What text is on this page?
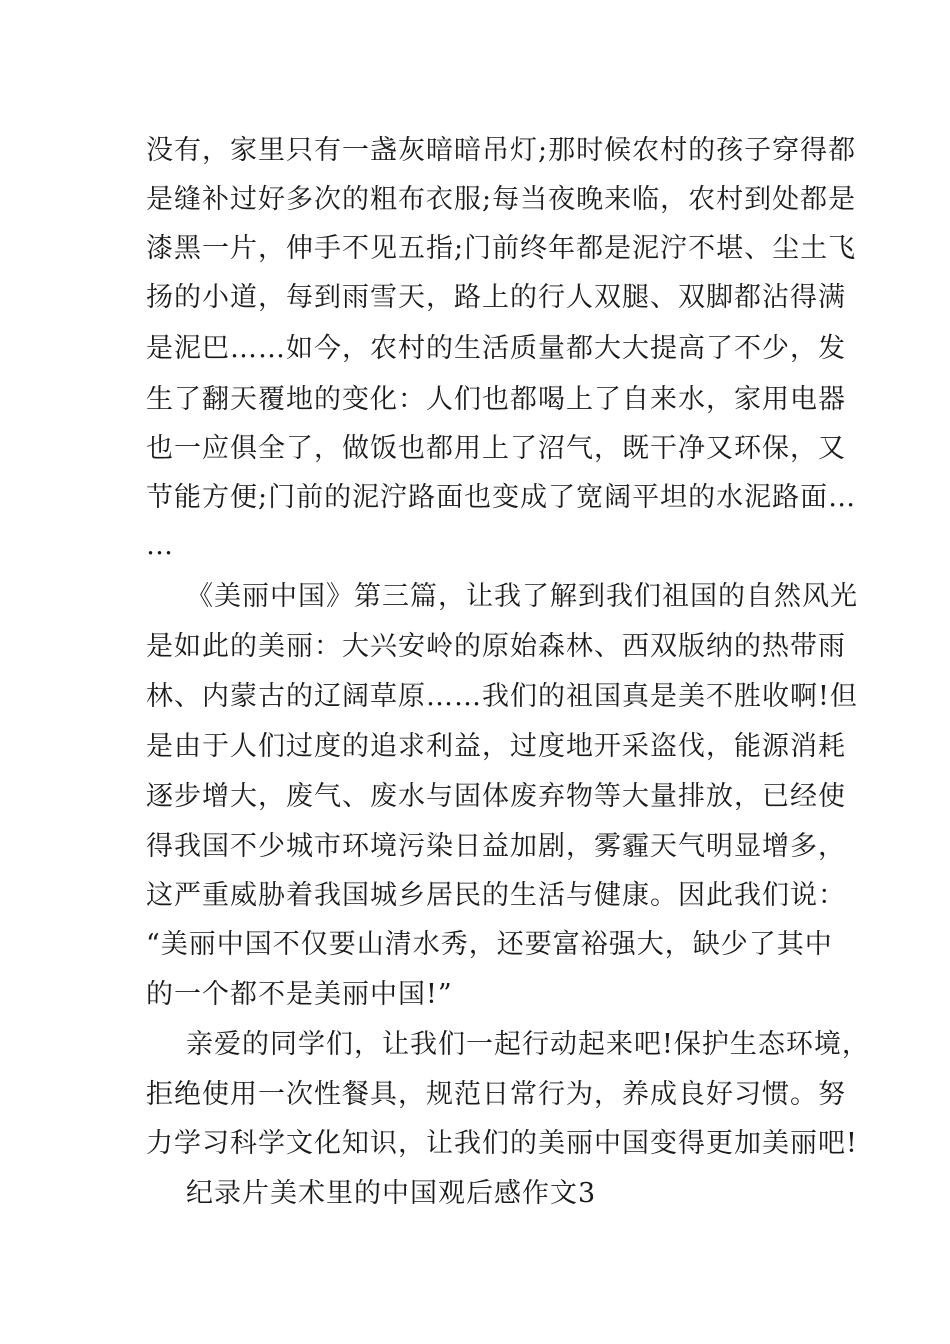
没有，家里只有一盏灰暗暗吊灯;那时候农村的孩子穿得都
是缝补过好多次的粗布衣服;每当夜晚来临，农村到处都是
漆黑一片，伸手不见五指;门前终年都是泥泞不堪、尘土飞
扬的小道，每到雨雪天，路上的行人双腿、双脚都沾得满
是泥巴……如今，农村的生活质量都大大提高了不少，发
生了翻天覆地的变化：人们也都喝上了自来水，家用电器
也一应俱全了，做饭也都用上了沼气，既干净又环保，又
节能方便;门前的泥泞路面也变成了宽阔平坦的水泥路面…
…
《美丽中国》第三篇，让我了解到我们祖国的自然风光
是如此的美丽：大兴安岭的原始森林、西双版纳的热带雨
林、内蒙古的辽阔草原……我们的祖国真是美不胜收啊!但
是由于人们过度的追求利益，过度地开采盗伐，能源消耗
逐步增大，废气、废水与固体废弃物等大量排放，已经使
得我国不少城市环境污染日益加剧，雾霾天气明显增多，
这严重威胁着我国城乡居民的生活与健康。因此我们说：
“美丽中国不仅要山清水秀，还要富裕强大，缺少了其中
的一个都不是美丽中国!”
亲爱的同学们，让我们一起行动起来吧!保护生态环境，
拒绝使用一次性餐具，规范日常行为，养成良好习惯。努
力学习科学文化知识，让我们的美丽中国变得更加美丽吧!
纪录片美术里的中国观后感作文3
